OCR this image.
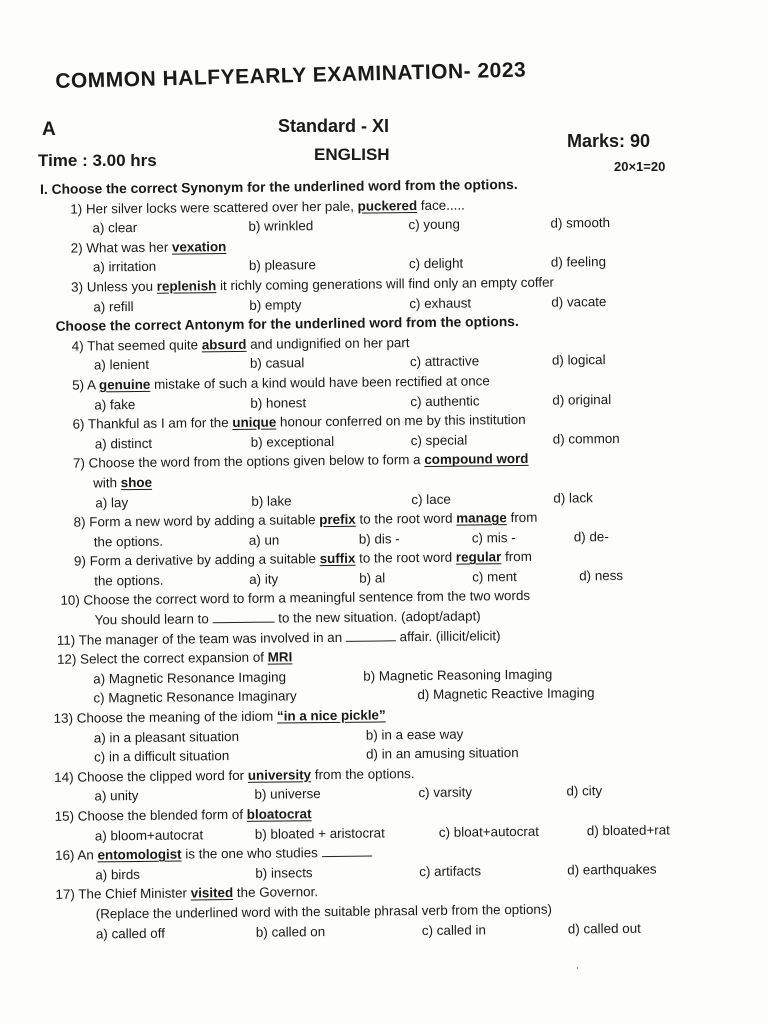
COMMON HALFYEARLY EXAMINATION- 2023
A	Standard - XI
Marks: 90
Time : 3.00 hrs	ENGLISH
20×1=20
I. Choose the correct Synonym for the underlined word from the options.
1) Her silver locks were scattered over her pale, puckered face.....
a) clear	b) wrinkled	c) young	d) smooth
2) What was her vexation
a) irritation	b) pleasure	c) delight	d) feeling
3) Unless you replenish it richly coming generations will find only an empty coffer
a) refill	b) empty	c) exhaust	d) vacate
Choose the correct Antonym for the underlined word from the options.
4) That seemed quite absurd and undignified on her part
a) lenient	b) casual	c) attractive	d) logical
5) A genuine mistake of such a kind would have been rectified at once
a) fake	b) honest	c) authentic	d) original
6) Thankful as I am for the unique honour conferred on me by this institution
a) distinct	b) exceptional	c) special	d) common
7) Choose the word from the options given below to form a compound word
with shoe
a) lay	b) lake	c) lace	d) lack
8) Form a new word by adding a suitable prefix to the root word manage from
the options.	a) un	b) dis -	c) mis -	d) de-
9) Form a derivative by adding a suitable suffix to the root word regular from
the options.	a) ity	b) al	c) ment	d) ness
10) Choose the correct word to form a meaningful sentence from the two words
You should learn to	to the new situation. (adopt/adapt)
11) The manager of the team was involved in an	affair. (illicit/elicit)
12) Select the correct expansion of MRI
a) Magnetic Resonance Imaging	b) Magnetic Reasoning Imaging
c) Magnetic Resonance Imaginary	d) Magnetic Reactive Imaging
13) Choose the meaning of the idiom “in a nice pickle”
a) in a pleasant situation	b) in a ease way
c) in a difficult situation	d) in an amusing situation
14) Choose the clipped word for university from the options.
a) unity	b) universe	c) varsity	d) city
15) Choose the blended form of bloatocrat
a) bloom+autocrat	b) bloated + aristocrat	c) bloat+autocrat	d) bloated+rat
16) An entomologist is the one who studies
a) birds	b) insects	c) artifacts	d) earthquakes
17) The Chief Minister visited the Governor.
(Replace the underlined word with the suitable phrasal verb from the options)
a) called off	b) called on	c) called in	d) called out
˙
